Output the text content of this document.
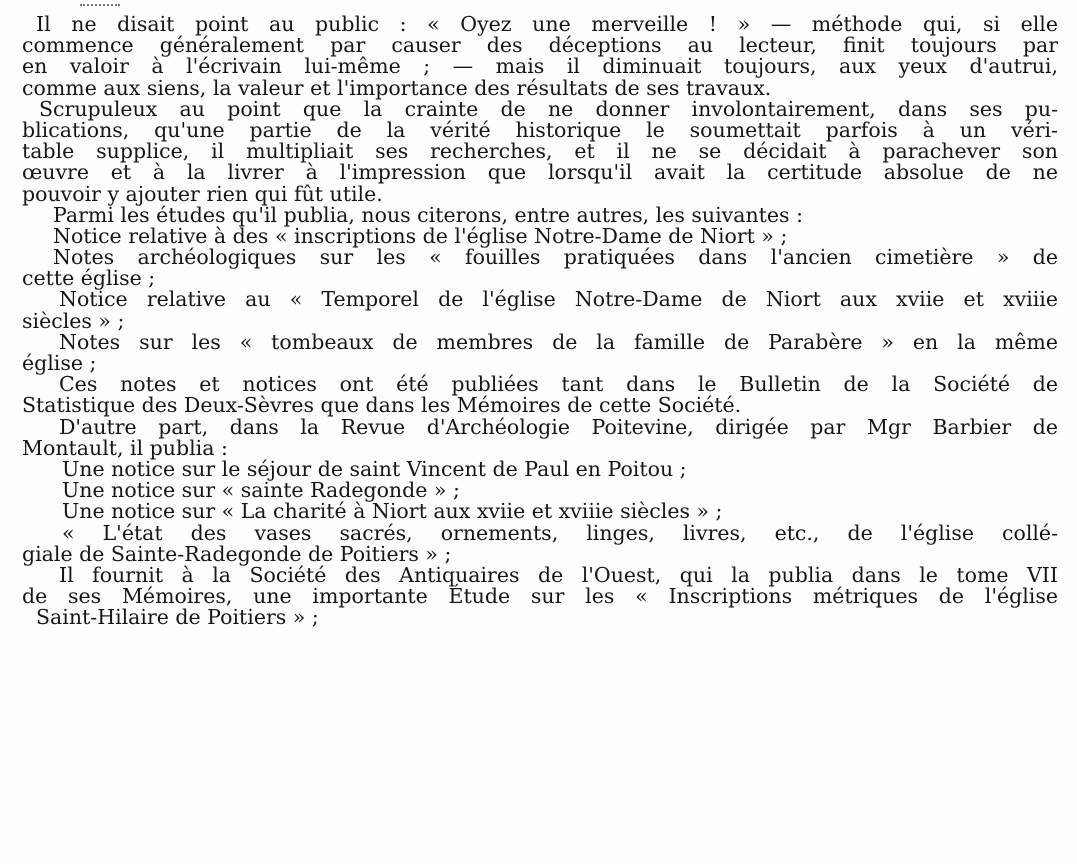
Il ne disait point au public : « Oyez une merveille ! » — méthode qui, si elle
commence généralement par causer des déceptions au lecteur, finit toujours par
en valoir à l'écrivain lui-même ; — mais il diminuait toujours, aux yeux d'autrui,
comme aux siens, la valeur et l'importance des résultats de ses travaux.
Scrupuleux au point que la crainte de ne donner involontairement, dans ses pu-
blications, qu'une partie de la vérité historique le soumettait parfois à un véri-
table supplice, il multipliait ses recherches, et il ne se décidait à parachever son
œuvre et à la livrer à l'impression que lorsqu'il avait la certitude absolue de ne
pouvoir y ajouter rien qui fût utile.
Parmi les études qu'il publia, nous citerons, entre autres, les suivantes :
Notice relative à des « inscriptions de l'église Notre-Dame de Niort » ;
Notes archéologiques sur les « fouilles pratiquées dans l'ancien cimetière » de
cette église ;
Notice relative au « Temporel de l'église Notre-Dame de Niort aux xviie et xviiie
siècles » ;
Notes sur les « tombeaux de membres de la famille de Parabère » en la même
église ;
Ces notes et notices ont été publiées tant dans le Bulletin de la Société de
Statistique des Deux-Sèvres que dans les Mémoires de cette Société.
D'autre part, dans la Revue d'Archéologie Poitevine, dirigée par Mgr Barbier de
Montault, il publia :
Une notice sur le séjour de saint Vincent de Paul en Poitou ;
Une notice sur « sainte Radegonde » ;
Une notice sur « La charité à Niort aux xviie et xviiie siècles » ;
« L'état des vases sacrés, ornements, linges, livres, etc., de l'église collé-
giale de Sainte-Radegonde de Poitiers » ;
Il fournit à la Société des Antiquaires de l'Ouest, qui la publia dans le tome VII
de ses Mémoires, une importante Étude sur les « Inscriptions métriques de l'église
Saint-Hilaire de Poitiers » ;
